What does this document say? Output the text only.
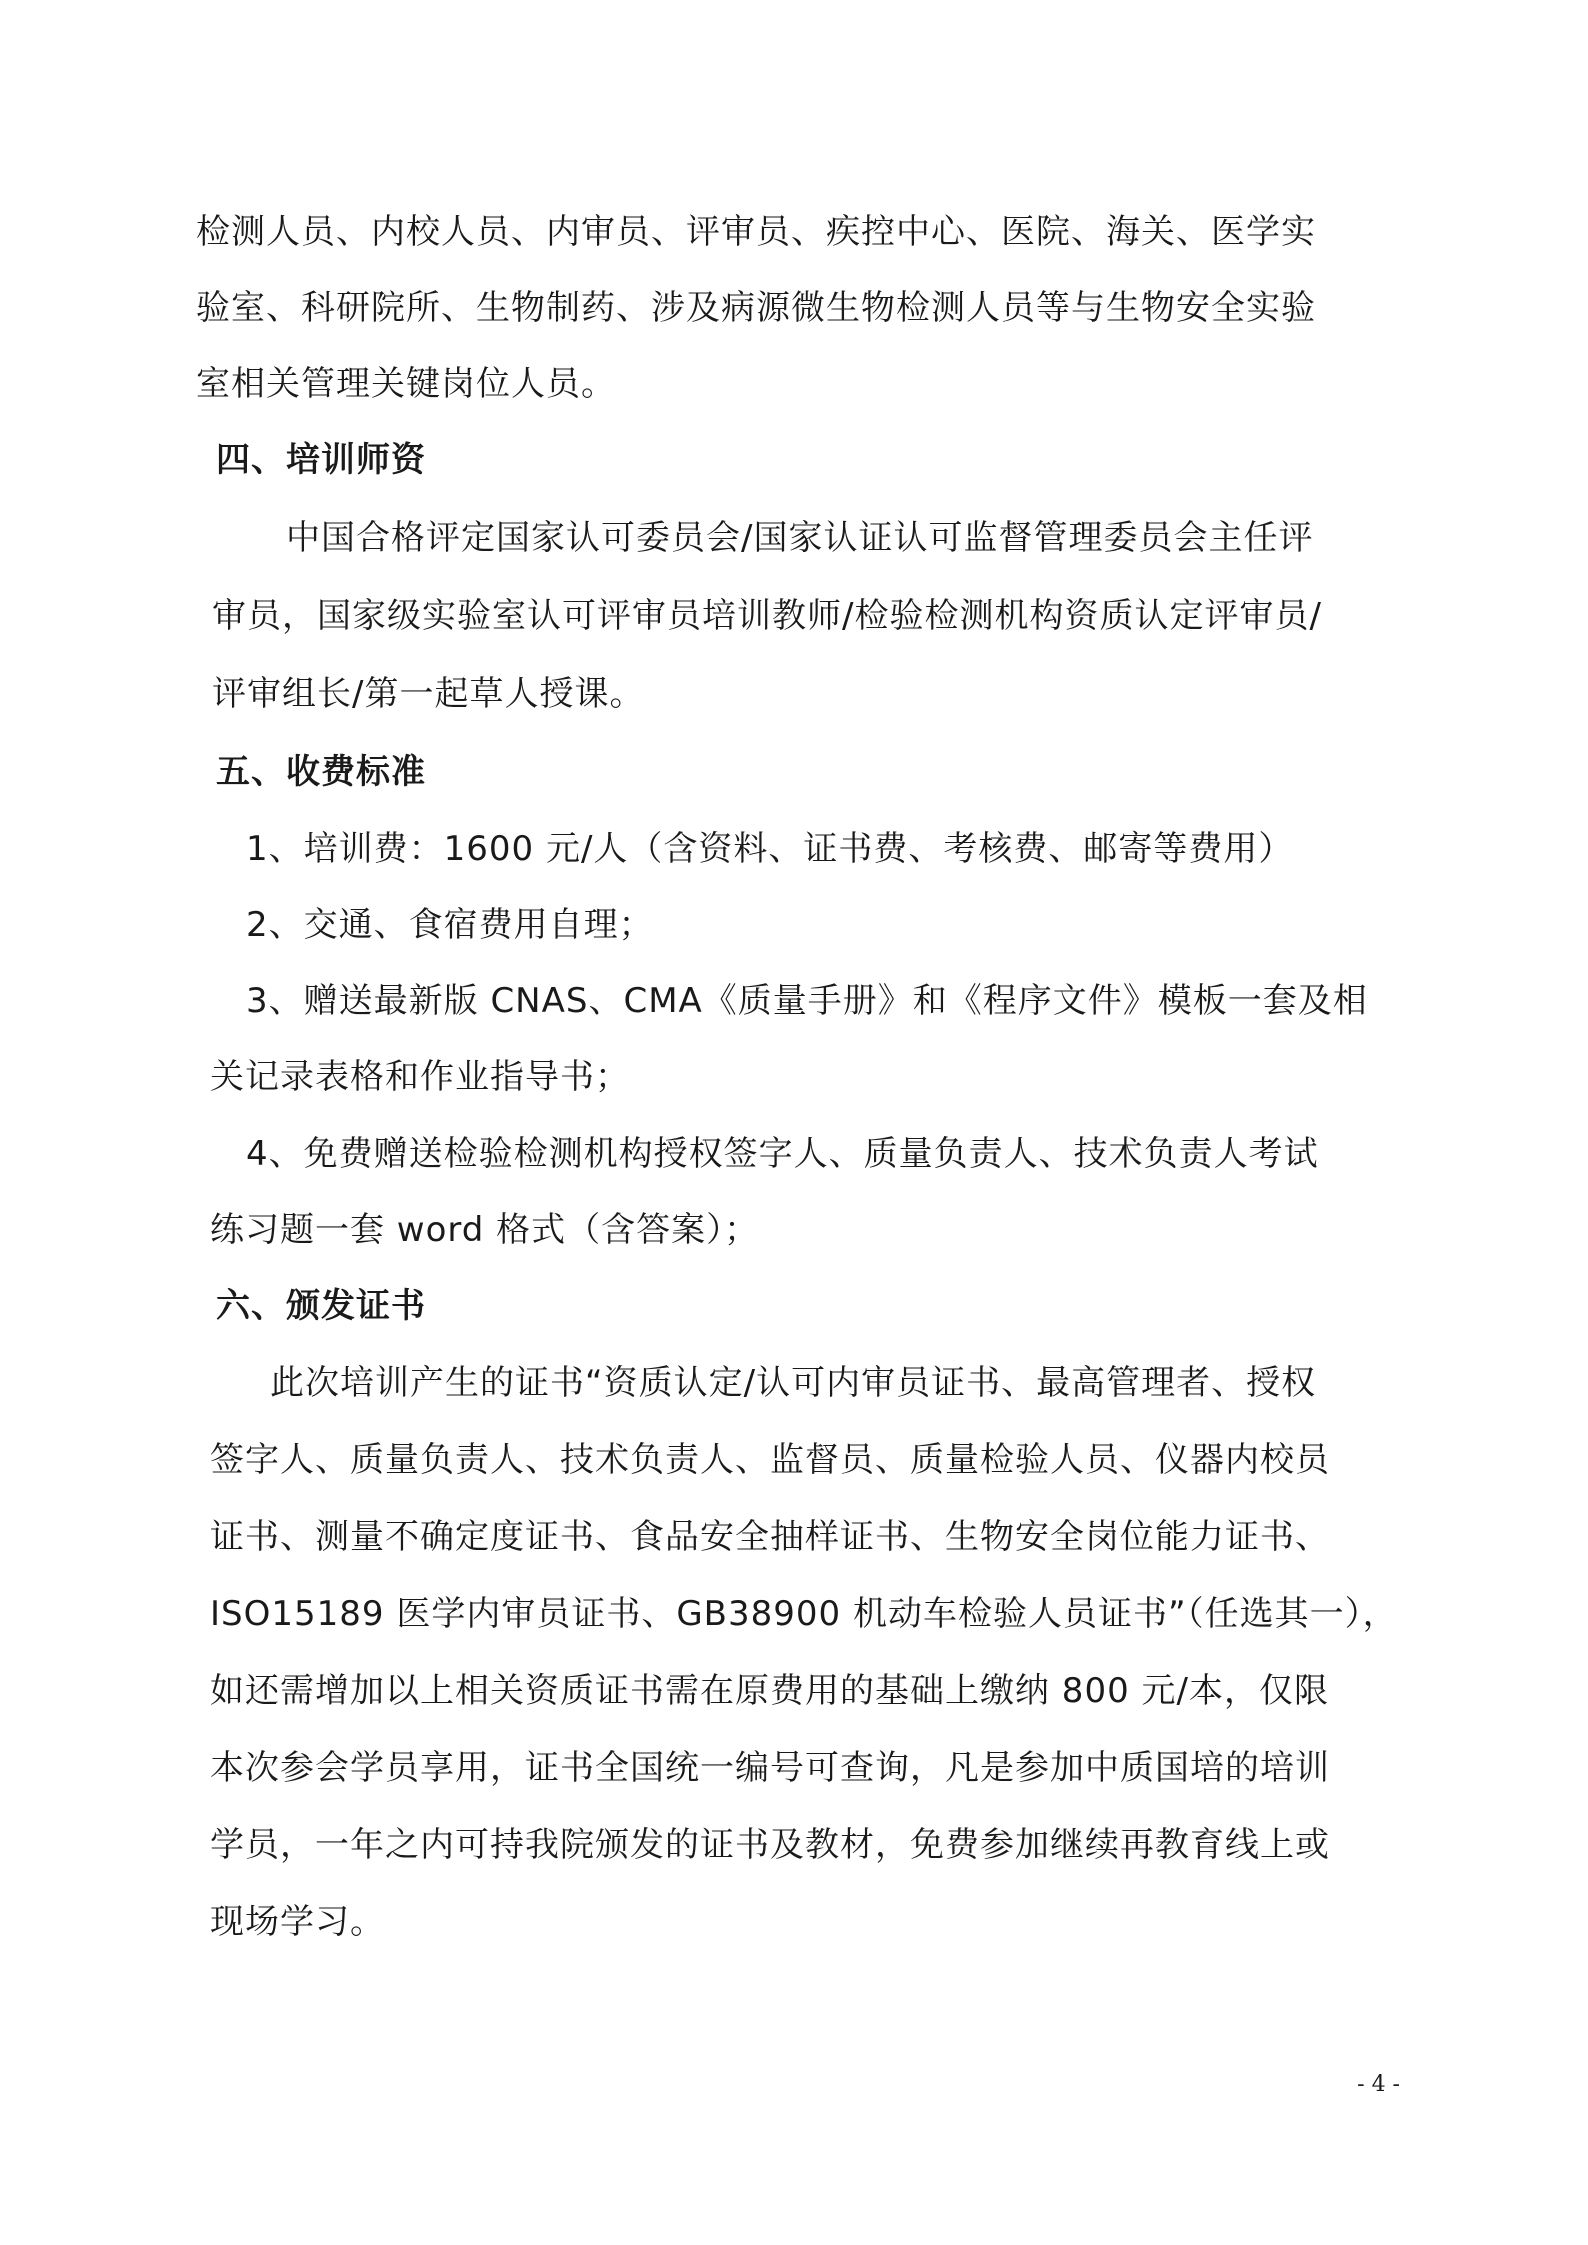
检测人员、内校人员、内审员、评审员、疾控中心、医院、海关、医学实
验室、科研院所、生物制药、涉及病源微生物检测人员等与生物安全实验
室相关管理关键岗位人员。
四、培训师资
中国合格评定国家认可委员会/国家认证认可监督管理委员会主任评
审员，国家级实验室认可评审员培训教师/检验检测机构资质认定评审员/
评审组长/第一起草人授课。
五、收费标准
1、培训费：1600 元/人（含资料、证书费、考核费、邮寄等费用）
2、交通、食宿费用自理；
3、赠送最新版 CNAS、CMA《质量手册》和《程序文件》模板一套及相
关记录表格和作业指导书；
4、免费赠送检验检测机构授权签字人、质量负责人、技术负责人考试
练习题一套 word 格式（含答案）；
六、颁发证书
此次培训产生的证书“资质认定/认可内审员证书、最高管理者、授权
签字人、质量负责人、技术负责人、监督员、质量检验人员、仪器内校员
证书、测量不确定度证书、食品安全抽样证书、生物安全岗位能力证书、
ISO15189 医学内审员证书、GB38900 机动车检验人员证书”（任选其一），
如还需增加以上相关资质证书需在原费用的基础上缴纳 800 元/本，仅限
本次参会学员享用，证书全国统一编号可查询，凡是参加中质国培的培训
学员，一年之内可持我院颁发的证书及教材，免费参加继续再教育线上或
现场学习。
- 4 -
